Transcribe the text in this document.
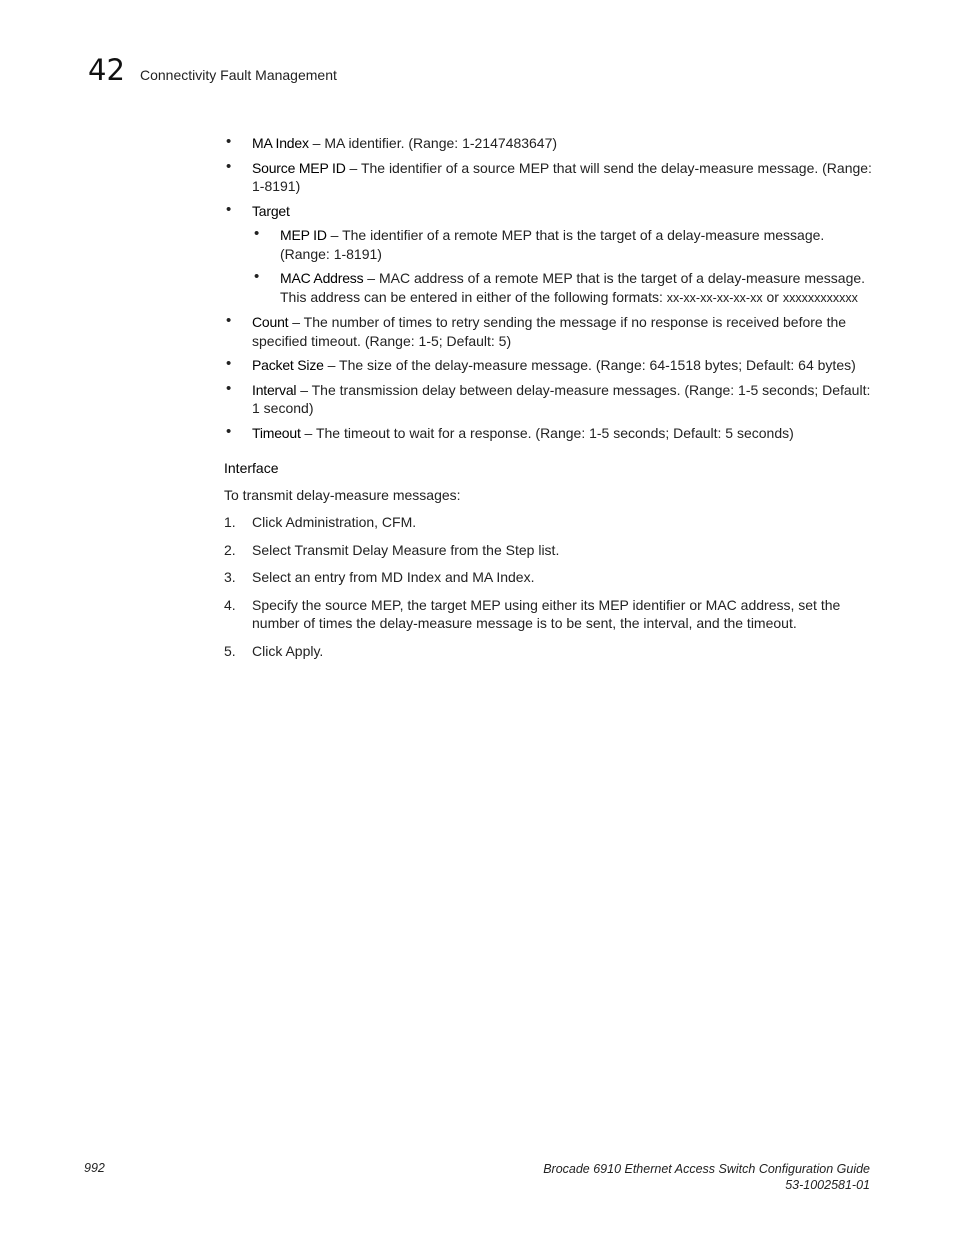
42 Connectivity Fault Management
• MA Index – MA identifier. (Range: 1-2147483647)
• Source MEP ID – The identifier of a source MEP that will send the delay-measure message. (Range: 1-8191)
• Target
• MEP ID – The identifier of a remote MEP that is the target of a delay-measure message. (Range: 1-8191)
• MAC Address – MAC address of a remote MEP that is the target of a delay-measure message. This address can be entered in either of the following formats: xx-xx-xx-xx-xx-xx or xxxxxxxxxxxx
• Count – The number of times to retry sending the message if no response is received before the specified timeout. (Range: 1-5; Default: 5)
• Packet Size – The size of the delay-measure message. (Range: 64-1518 bytes; Default: 64 bytes)
• Interval – The transmission delay between delay-measure messages. (Range: 1-5 seconds; Default: 1 second)
• Timeout – The timeout to wait for a response. (Range: 1-5 seconds; Default: 5 seconds)
Interface
To transmit delay-measure messages:
1. Click Administration, CFM.
2. Select Transmit Delay Measure from the Step list.
3. Select an entry from MD Index and MA Index.
4. Specify the source MEP, the target MEP using either its MEP identifier or MAC address, set the number of times the delay-measure message is to be sent, the interval, and the timeout.
5. Click Apply.
992	Brocade 6910 Ethernet Access Switch Configuration Guide
53-1002581-01
